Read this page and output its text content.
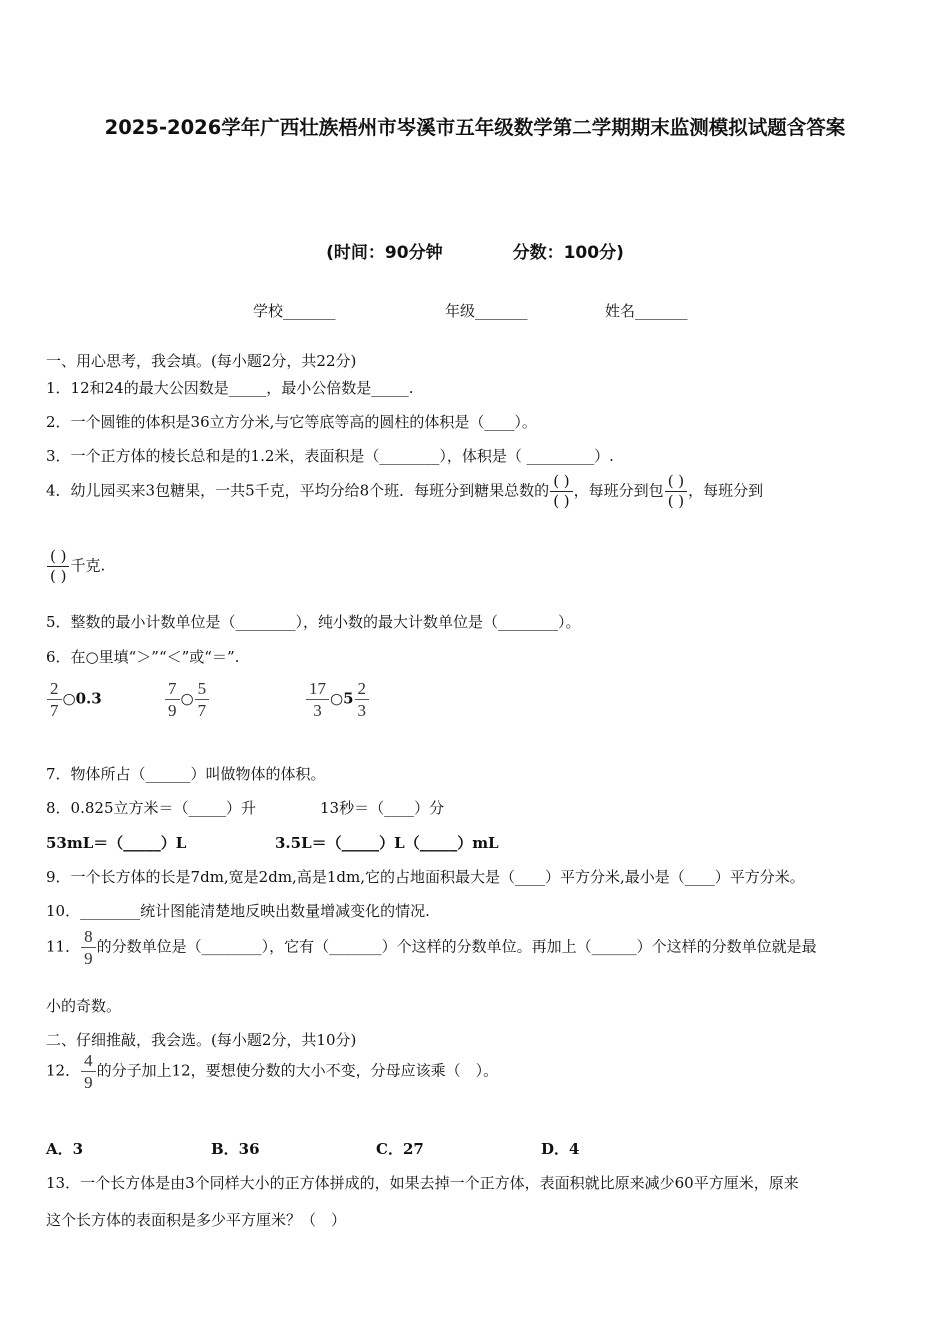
2025-2026学年广西壮族梧州市岑溪市五年级数学第二学期期末监测模拟试题含答案
(时间：90分钟	分数：100分)
学校_______	年级_______	姓名_______
一、用心思考，我会填。(每小题2分，共22分)
1．12和24的最大公因数是_____，最小公倍数是_____.
2．一个圆锥的体积是36立方分米,与它等底等高的圆柱的体积是（____）。
3．一个正方体的棱长总和是的1.2米，表面积是（________），体积是（ _________）.
4．幼儿园买来3包糖果，一共5千克，平均分给8个班．每班分到糖果总数的 $\frac{( )}{( )}$ ，每班分到包 $\frac{( )}{( )}$ ，每班分到
$\frac{( )}{( )}$ 千克.
5．整数的最小计数单位是（________），纯小数的最大计数单位是（________）。
6．在○里填“＞”“＜”或“＝”.
$\frac{2}{7}$ ○0.3	$\frac{7}{9}$ ○ $\frac{5}{7}$	$\frac{17}{3}$ ○5 $\frac{2}{3}$
7．物体所占（______）叫做物体的体积。
8．0.825立方米＝（_____）升	13秒＝（____）分
53mL＝（_____）L	3.5L＝（_____）L（_____）mL
9．一个长方体的长是7dm,宽是2dm,高是1dm,它的占地面积最大是（____）平方分米,最小是（____）平方分米。
10．________统计图能清楚地反映出数量增减变化的情况.
11． $\frac{8}{9}$ 的分数单位是（________），它有（_______）个这样的分数单位。再加上（______）个这样的分数单位就是最
小的奇数。
二、仔细推敲，我会选。(每小题2分，共10分)
12． $\frac{4}{9}$ 的分子加上12，要想使分数的大小不变，分母应该乘（　）。
A．3	B．36	C．27	D．4
13．一个长方体是由3个同样大小的正方体拼成的，如果去掉一个正方体，表面积就比原来减少60平方厘米，原来
这个长方体的表面积是多少平方厘米？（　）
